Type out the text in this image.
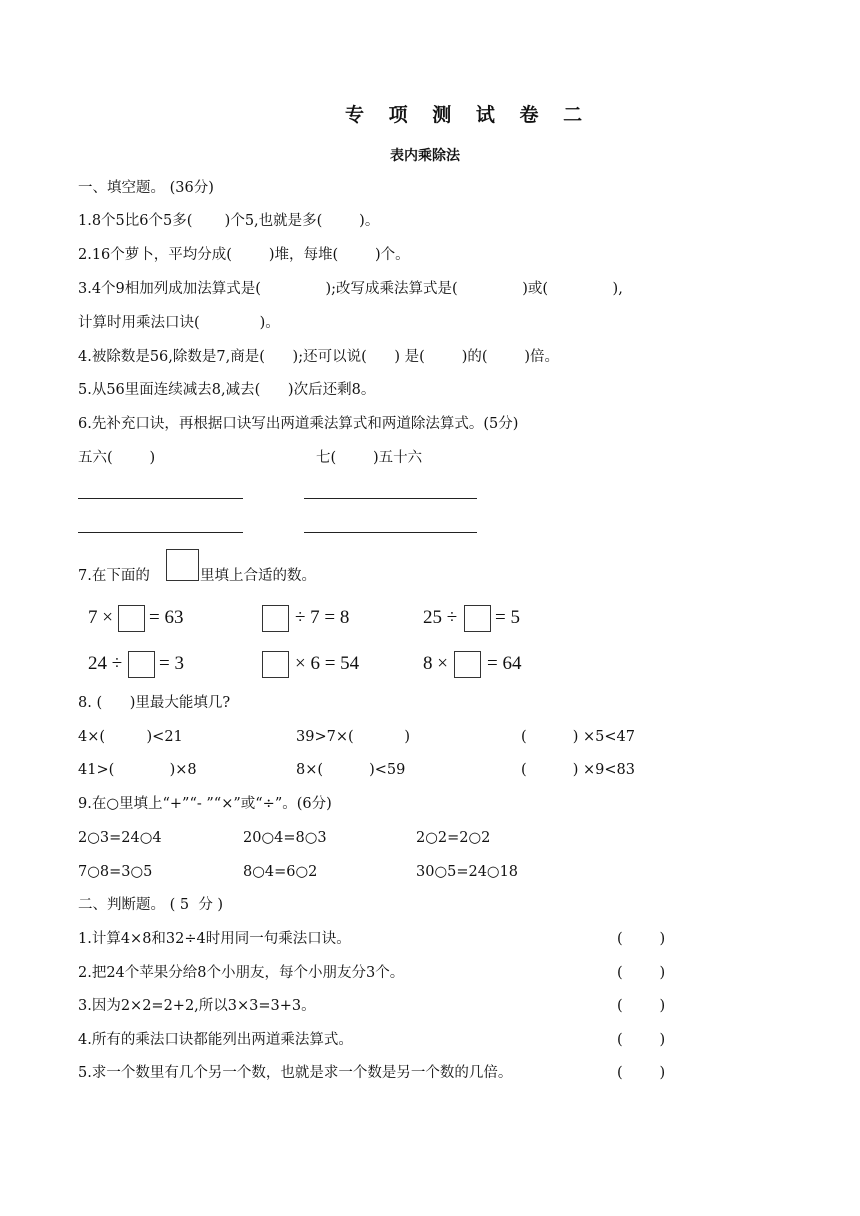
专 项 测 试 卷 二
表内乘除法
一、填空题。 (36分)
1.8个5比6个5多(       )个5,也就是多(        )。
2.16个萝卜，平均分成(        )堆，每堆(        )个。
3.4个9相加列成加法算式是(              );改写成乘法算式是(              )或(              ),
计算时用乘法口诀(             )。
4.被除数是56,除数是7,商是(      );还可以说(      ) 是(        )的(        )倍。
5.从56里面连续减去8,减去(      )次后还剩8。
6.先补充口诀，再根据口诀写出两道乘法算式和两道除法算式。(5分)
五六(        )	七(        )五十六
7.在下面的	里填上合适的数。
7 × = 63	÷ 7 = 8	25 ÷ = 5
24 ÷ = 3	× 6 = 54	8 × = 64
8. (      )里最大能填几?
4×(         )<21	39>7×(           )	(          ) ×5<47
41>(            )×8	8×(          )<59	(          ) ×9<83
9.在○里填上“+”“- ”“×”或“÷”。(6分)
2○3=24○4	20○4=8○3	2○2=2○2
7○8=3○5	8○4=6○2	30○5=24○18
二、判断题。 ( 5  分 )
1.计算4×8和32÷4时用同一句乘法口诀。	(        )
2.把24个苹果分给8个小朋友，每个小朋友分3个。	(        )
3.因为2×2=2+2,所以3×3=3+3。	(        )
4.所有的乘法口诀都能列出两道乘法算式。	(        )
5.求一个数里有几个另一个数，也就是求一个数是另一个数的几倍。	(        )
